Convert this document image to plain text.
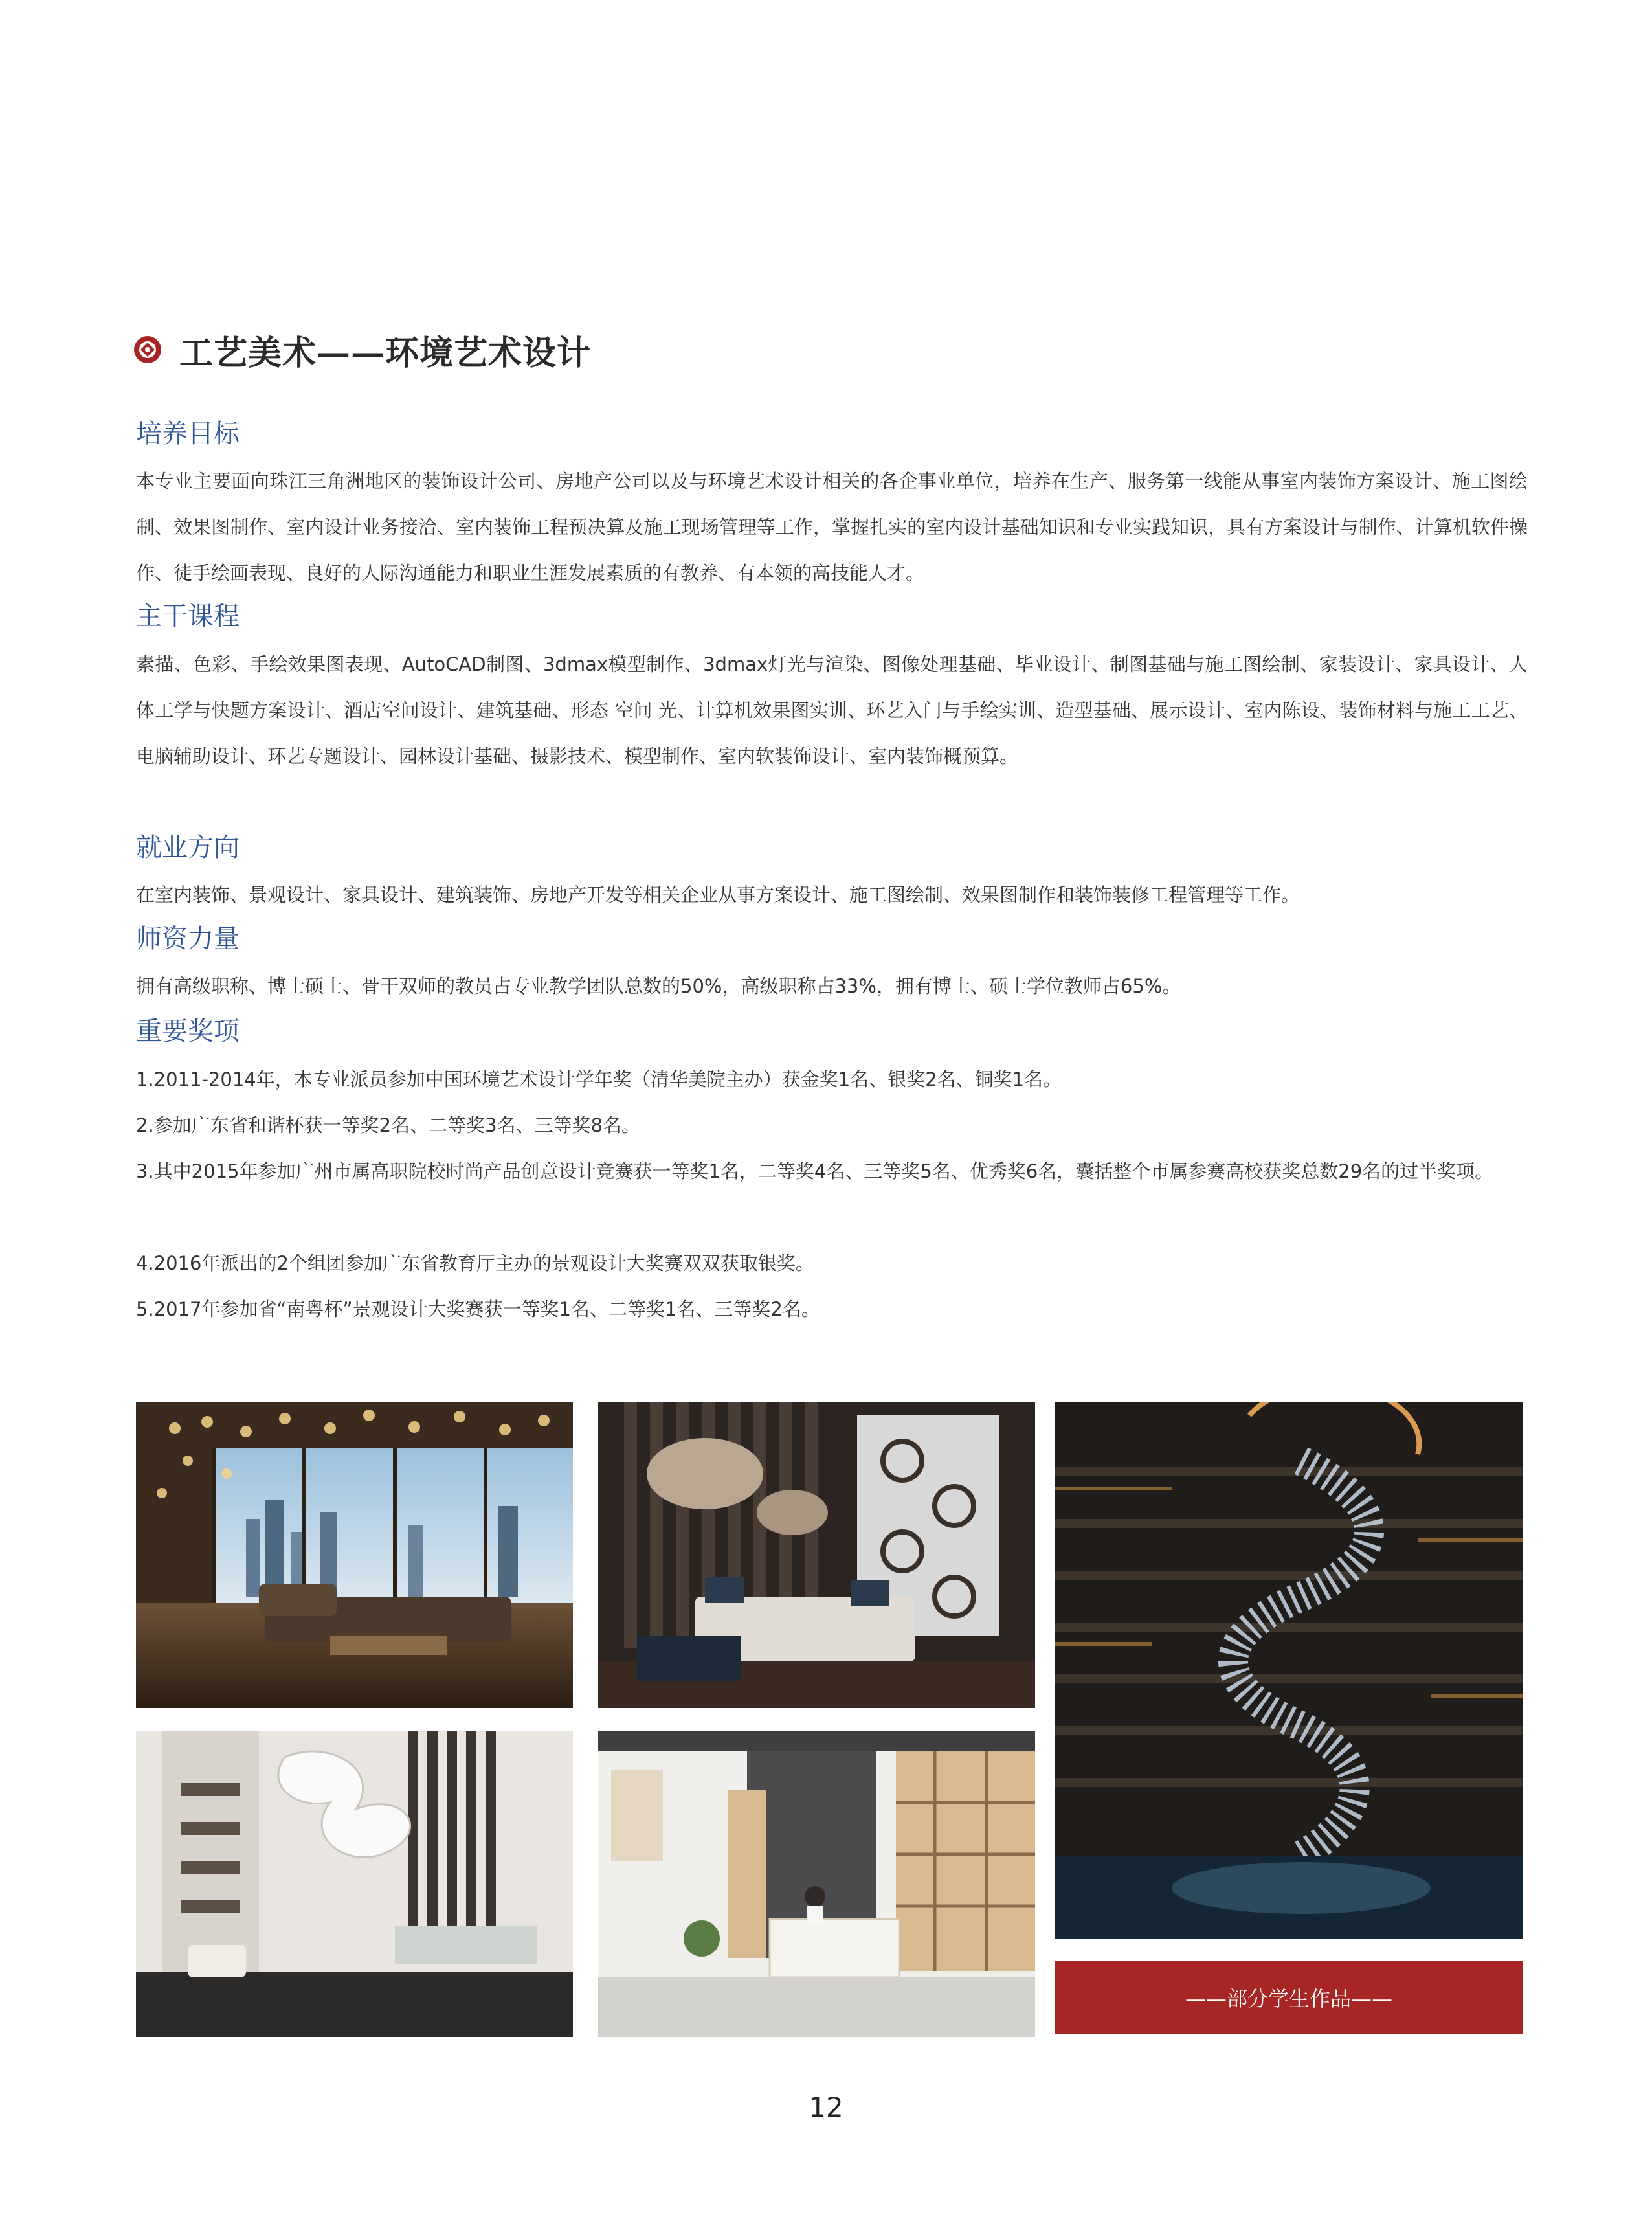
工艺美术——环境艺术设计
培养目标

本专业主要面向珠江三角洲地区的装饰设计公司、房地产公司以及与环境艺术设计相关的各企事业单位，培养在生产、服务第一线能从事室内装饰方案设计、施工图绘制、效果图制作、室内设计业务接洽、室内装饰工程预决算及施工现场管理等工作，掌握扎实的室内设计基础知识和专业实践知识，具有方案设计与制作、计算机软件操作、徒手绘画表现、良好的人际沟通能力和职业生涯发展素质的有教养、有本领的高技能人才。

主干课程

素描、色彩、手绘效果图表现、AutoCAD制图、3dmax模型制作、3dmax灯光与渲染、图像处理基础、毕业设计、制图基础与施工图绘制、家装设计、家具设计、人体工学与快题方案设计、酒店空间设计、建筑基础、形态 空间 光、计算机效果图实训、环艺入门与手绘实训、造型基础、展示设计、室内陈设、装饰材料与施工工艺、电脑辅助设计、环艺专题设计、园林设计基础、摄影技术、模型制作、室内软装饰设计、室内装饰概预算。

就业方向

在室内装饰、景观设计、家具设计、建筑装饰、房地产开发等相关企业从事方案设计、施工图绘制、效果图制作和装饰装修工程管理等工作。

师资力量

拥有高级职称、博士硕士、骨干双师的教员占专业教学团队总数的50%，高级职称占33%，拥有博士、硕士学位教师占65%。

重要奖项

1.2011-2014年，本专业派员参加中国环境艺术设计学年奖（清华美院主办）获金奖1名、银奖2名、铜奖1名。

2.参加广东省和谐杯获一等奖2名、二等奖3名、三等奖8名。

3.其中2015年参加广州市属高职院校时尚产品创意设计竞赛获一等奖1名，二等奖4名、三等奖5名、优秀奖6名，囊括整个市属参赛高校获奖总数29名的过半奖项。

4.2016年派出的2个组团参加广东省教育厅主办的景观设计大奖赛双双获取银奖。

5.2017年参加省“南粤杯”景观设计大奖赛获一等奖1名、二等奖1名、三等奖2名。

——部分学生作品——
12
